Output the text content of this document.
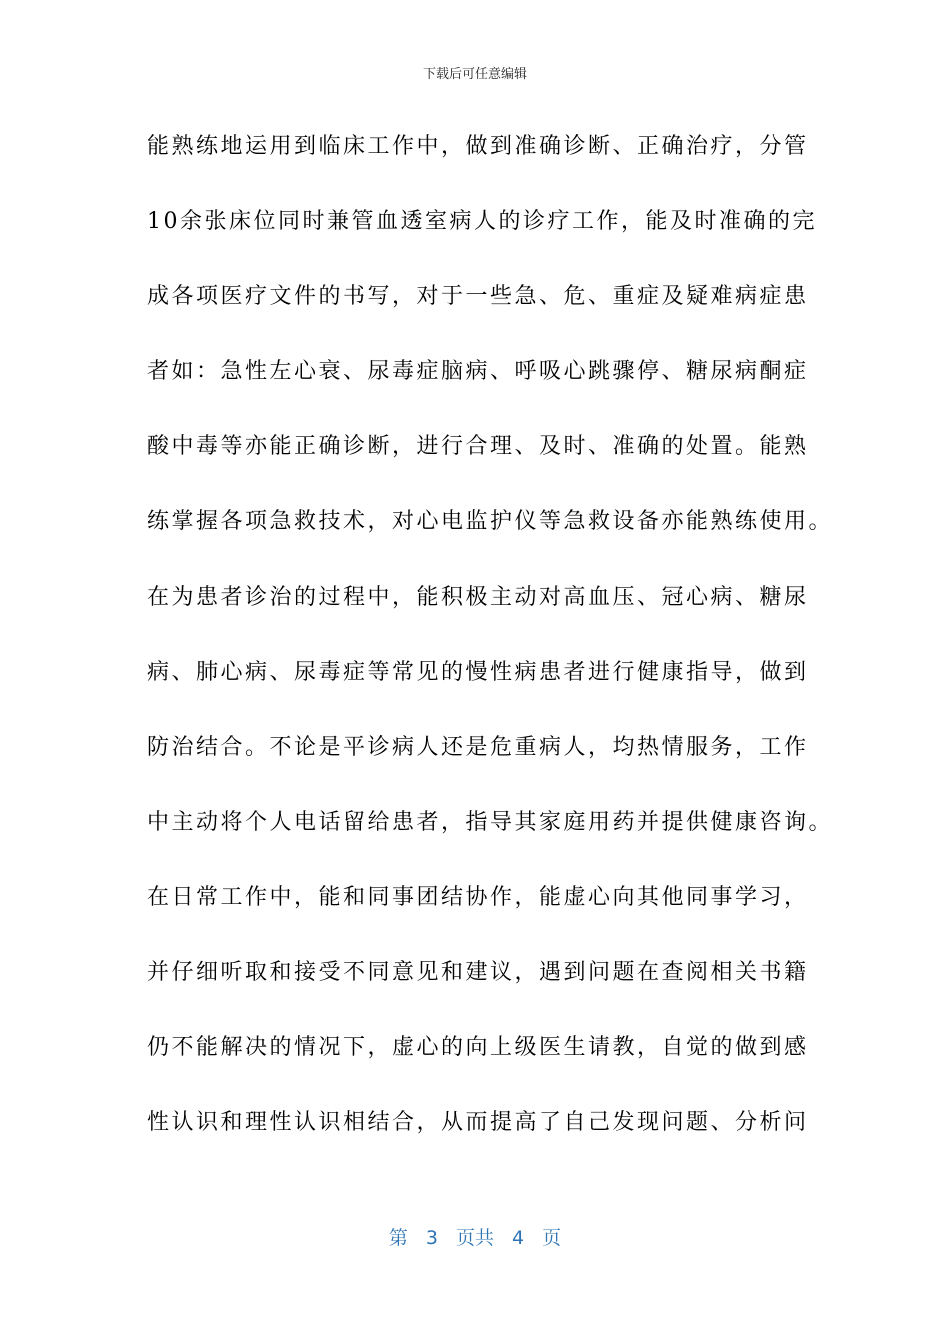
下载后可任意编辑
能熟练地运用到临床工作中，做到准确诊断、正确治疗，分管
10余张床位同时兼管血透室病人的诊疗工作，能及时准确的完
成各项医疗文件的书写，对于一些急、危、重症及疑难病症患
者如：急性左心衰、尿毒症脑病、呼吸心跳骤停、糖尿病酮症
酸中毒等亦能正确诊断，进行合理、及时、准确的处置。能熟
练掌握各项急救技术，对心电监护仪等急救设备亦能熟练使用。
在为患者诊治的过程中，能积极主动对高血压、冠心病、糖尿
病、肺心病、尿毒症等常见的慢性病患者进行健康指导，做到
防治结合。不论是平诊病人还是危重病人，均热情服务，工作
中主动将个人电话留给患者，指导其家庭用药并提供健康咨询。
在日常工作中，能和同事团结协作，能虚心向其他同事学习，
并仔细听取和接受不同意见和建议，遇到问题在查阅相关书籍
仍不能解决的情况下，虚心的向上级医生请教，自觉的做到感
性认识和理性认识相结合，从而提高了自己发现问题、分析问
第 3 页共 4 页
